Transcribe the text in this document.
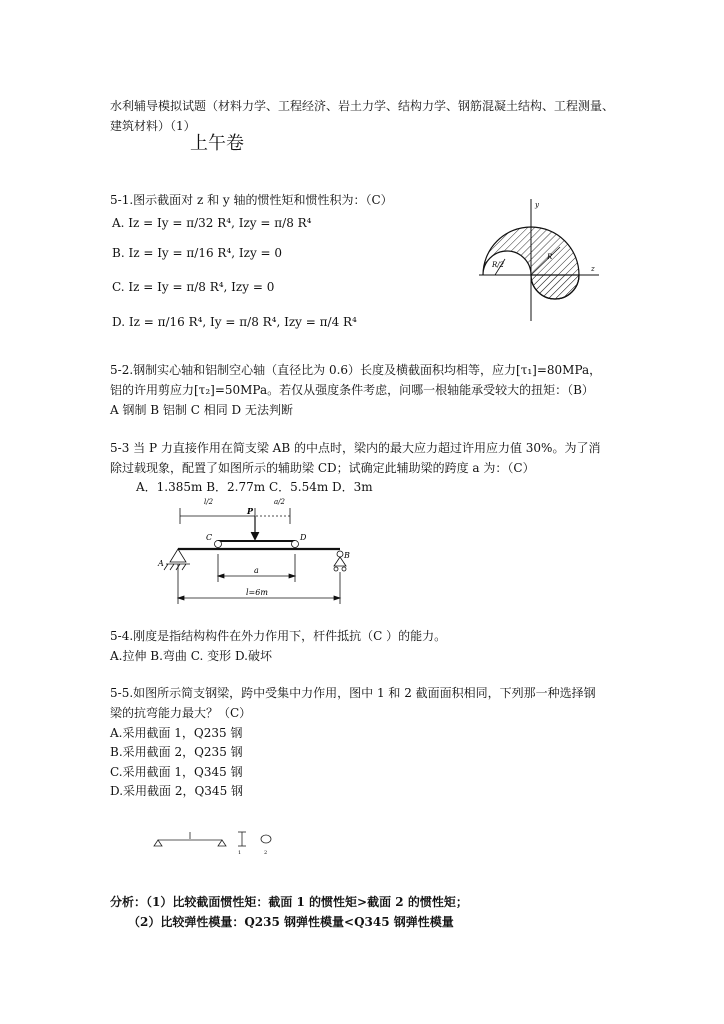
水利辅导模拟试题（材料力学、工程经济、岩土力学、结构力学、钢筋混凝土结构、工程测量、
建筑材料）（1）
上午卷
5-1.图示截面对 z 和 y 轴的惯性矩和惯性积为：（C）
A. Iz = Iy = π/32 R⁴, Izy = π/8 R⁴
B. Iz = Iy = π/16 R⁴, Izy = 0
C. Iz = Iy = π/8 R⁴, Izy = 0
D. Iz = π/16 R⁴, Iy = π/8 R⁴, Izy = π/4 R⁴
y
z
R/2
R
5-2.钢制实心轴和铝制空心轴（直径比为 0.6）长度及横截面积均相等，应力[τ₁]=80MPa，
铝的许用剪应力[τ₂]=50MPa。若仅从强度条件考虑，问哪一根轴能承受较大的扭矩：（B）
A 钢制 B 铝制 C 相同 D 无法判断
5-3 当 P 力直接作用在简支梁 AB 的中点时，梁内的最大应力超过许用应力值 30%。为了消
除过载现象，配置了如图所示的辅助梁 CD；试确定此辅助梁的跨度 a 为：（C）
A．1.385m B．2.77m C．5.54m D．3m
l/2	a/2
P
C	D
A
B
a
l=6m
5-4.刚度是指结构构件在外力作用下，杆件抵抗（C ）的能力。
A.拉伸 B.弯曲 C. 变形 D.破坏
5-5.如图所示简支钢梁，跨中受集中力作用，图中 1 和 2 截面面积相同，下列那一种选择钢
梁的抗弯能力最大？（C）
A.采用截面 1，Q235 钢
B.采用截面 2，Q235 钢
C.采用截面 1，Q345 钢
D.采用截面 2，Q345 钢
1	2
分析：（1）比较截面惯性矩：截面 1 的惯性矩>截面 2 的惯性矩；
（2）比较弹性模量：Q235 钢弹性模量<Q345 钢弹性模量
